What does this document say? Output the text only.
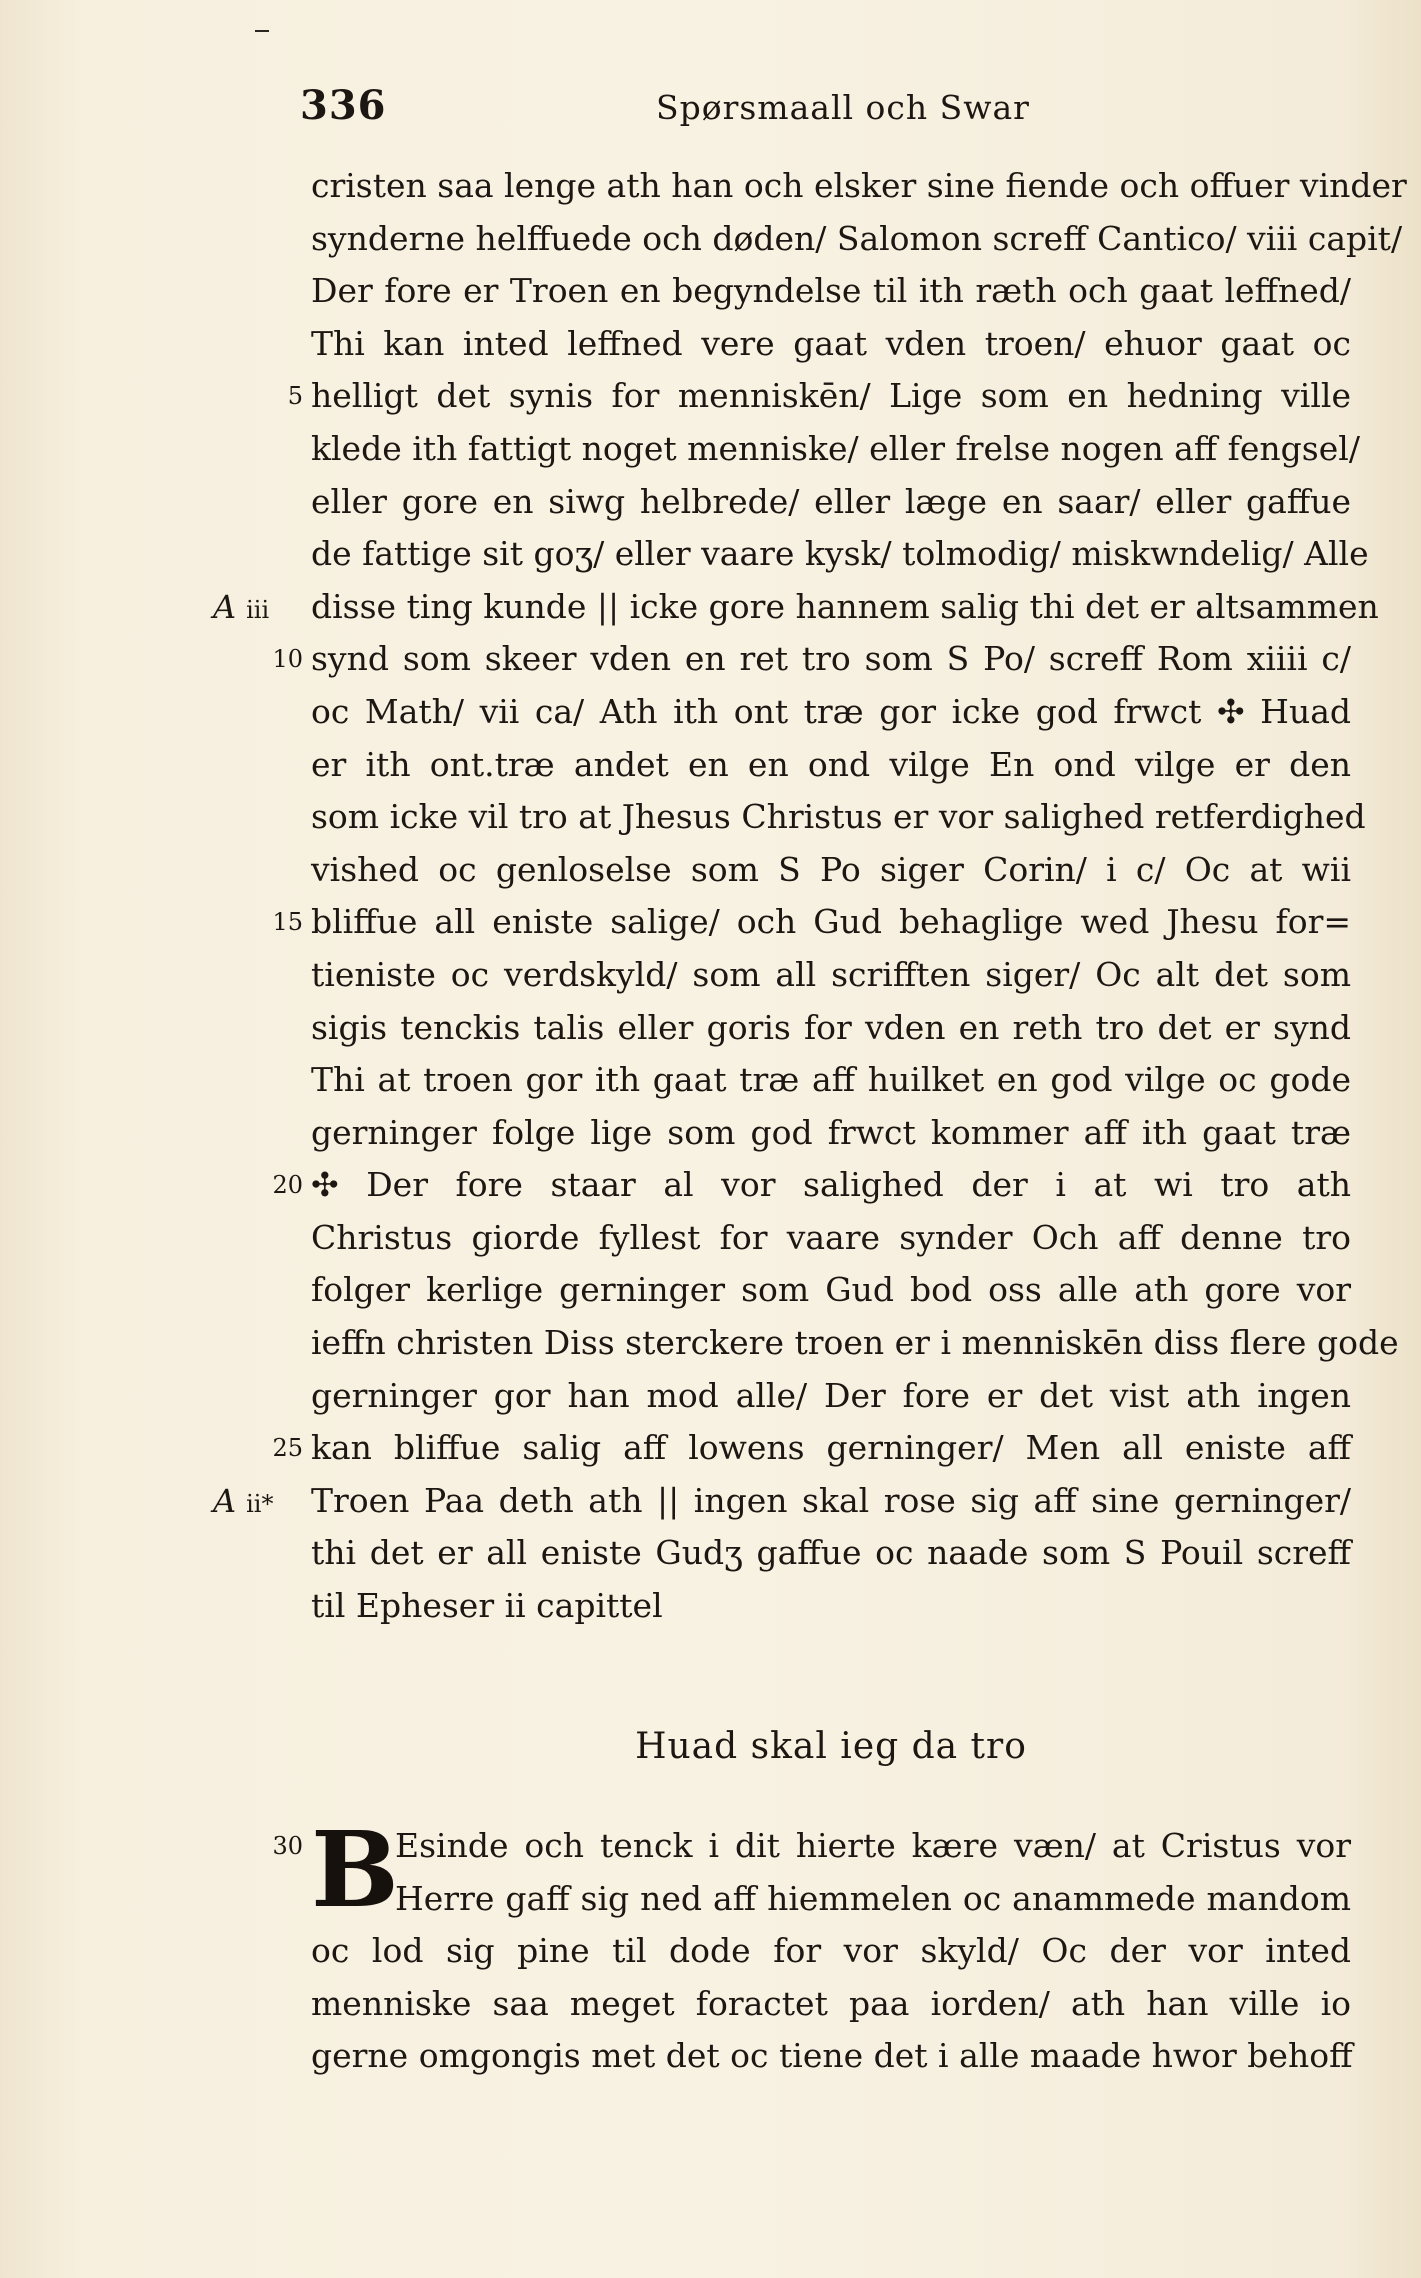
336	Spørsmaall och Swar
cristen saa lenge ath han och elsker sine fiende och offuer vinder
synderne helffuede och døden/ Salomon screff Cantico/ viii capit/
Der fore er Troen en begyndelse til ith ræth och gaat leffned/
Thi kan inted leffned vere gaat vden troen/ ehuor gaat oc
helligt det synis for menniskēn/ Lige som en hedning ville
5
klede ith fattigt noget menniske/ eller frelse nogen aff fengsel/
eller gore en siwg helbrede/ eller læge en saar/ eller gaffue
de fattige sit goʒ/ eller vaare kysk/ tolmodig/ miskwndelig/ Alle
disse ting kunde || icke gore hannem salig thi det er altsammen
A iii
synd som skeer vden en ret tro som S Po/ screff Rom xiiii c/
10
oc Math/ vii ca/ Ath ith ont træ gor icke god frwct ✣ Huad
er ith ont.træ andet en en ond vilge En ond vilge er den
som icke vil tro at Jhesus Christus er vor salighed retferdighed
vished oc genloselse som S Po siger Corin/ i c/ Oc at wii
bliffue all eniste salige/ och Gud behaglige wed Jhesu for=
15
tieniste oc verdskyld/ som all scrifften siger/ Oc alt det som
sigis tenckis talis eller goris for vden en reth tro det er synd
Thi at troen gor ith gaat træ aff huilket en god vilge oc gode
gerninger folge lige som god frwct kommer aff ith gaat træ
✣ Der fore staar al vor salighed der i at wi tro ath
20
Christus giorde fyllest for vaare synder Och aff denne tro
folger kerlige gerninger som Gud bod oss alle ath gore vor
ieffn christen Diss sterckere troen er i menniskēn diss flere gode
gerninger gor han mod alle/ Der fore er det vist ath ingen
kan bliffue salig aff lowens gerninger/ Men all eniste aff
25
Troen Paa deth ath || ingen skal rose sig aff sine gerninger/
A ii*
thi det er all eniste Gudʒ gaffue oc naade som S Pouil screff
til Epheser ii capittel
Huad skal ieg da tro
B
30	Esinde och tenck i dit hierte kære væn/ at Cristus vor
Herre gaff sig ned aff hiemmelen oc anammede mandom
oc lod sig pine til dode for vor skyld/ Oc der vor inted
menniske saa meget foractet paa iorden/ ath han ville io
gerne omgongis met det oc tiene det i alle maade hwor behoff
